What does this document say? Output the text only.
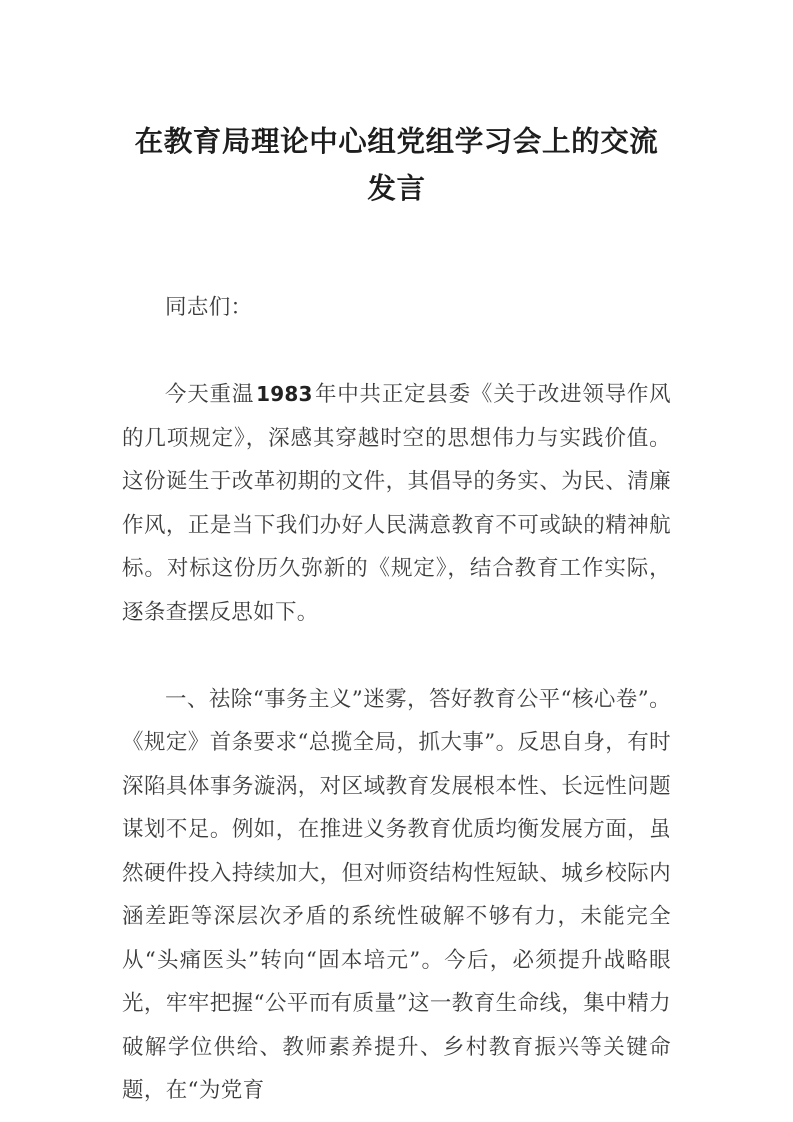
在教育局理论中心组党组学习会上的交流
发言

同志们：

今天重温 1983年中共正定县委《关于改进领导作风的几项规定》，深感其穿越时空的思想伟力与实践价值。这份诞生于改革初期的文件，其倡导的务实、为民、清廉作风，正是当下我们办好人民满意教育不可或缺的精神航标。对标这份历久弥新的《规定》，结合教育工作实际，逐条查摆反思如下。

一、祛除“事务主义”迷雾，答好教育公平“核心卷”。《规定》首条要求“总揽全局，抓大事”。反思自身，有时深陷具体事务漩涡，对区域教育发展根本性、长远性问题谋划不足。例如，在推进义务教育优质均衡发展方面，虽然硬件投入持续加大，但对师资结构性短缺、城乡校际内涵差距等深层次矛盾的系统性破解不够有力，未能完全从“头痛医头”转向“固本培元”。今后，必须提升战略眼光，牢牢把握“公平而有质量”这一教育生命线，集中精力破解学位供给、教师素养提升、乡村教育振兴等关键命题，在“为党育
